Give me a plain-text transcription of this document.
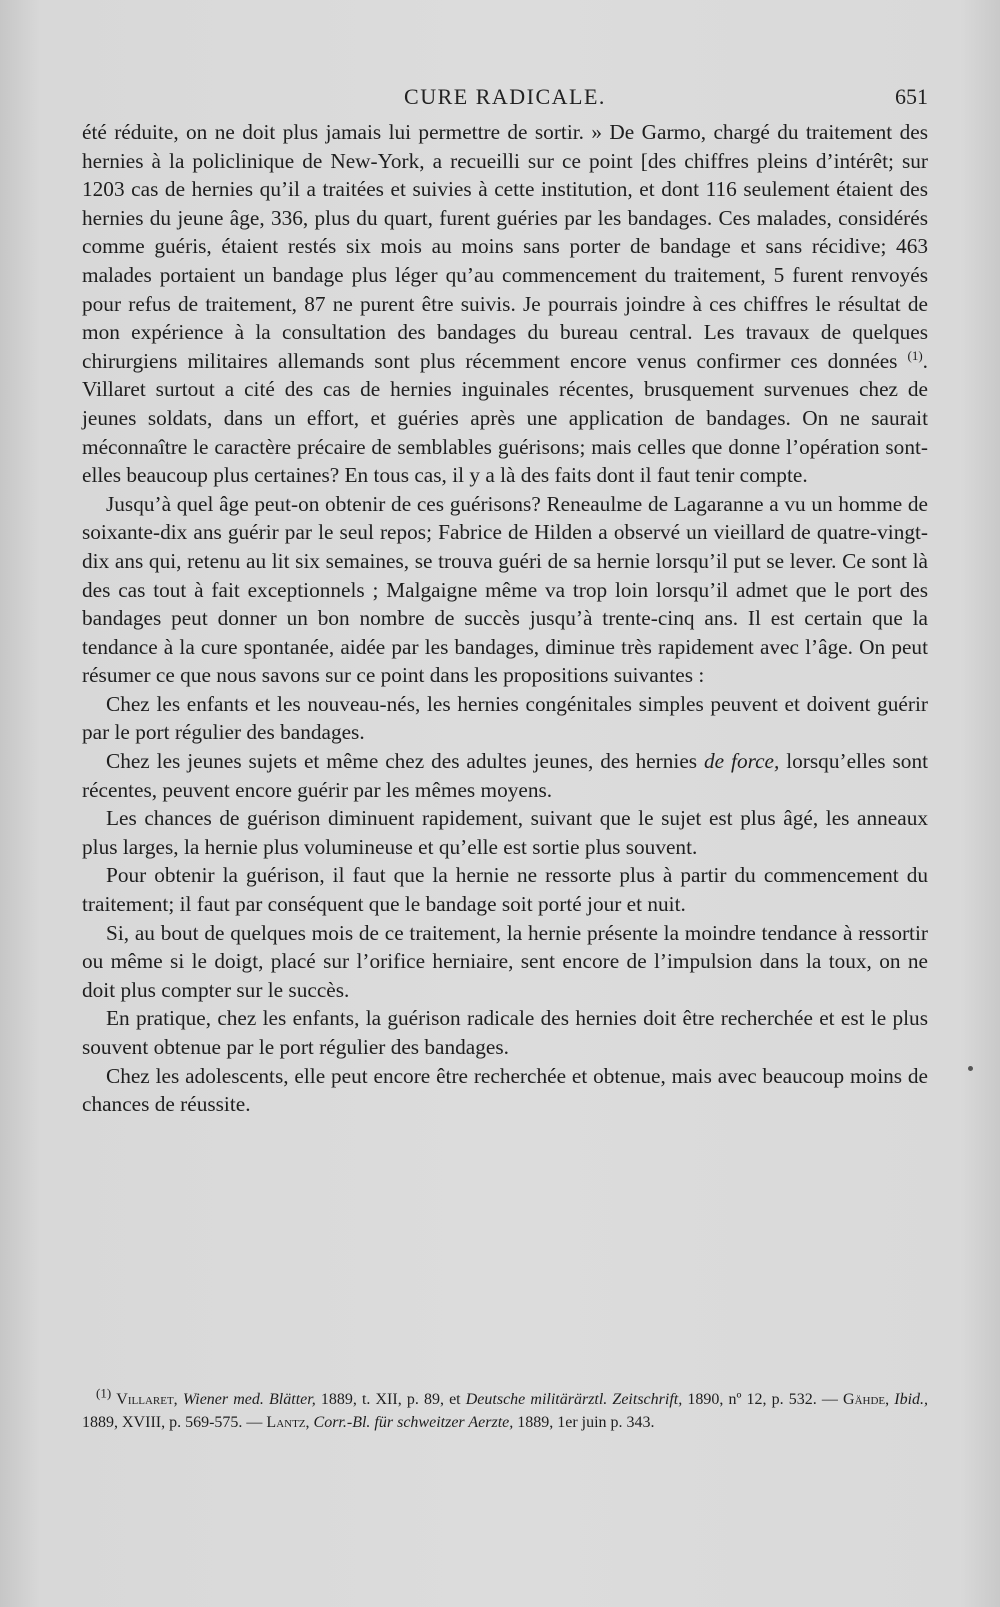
CURE RADICALE.	651

été réduite, on ne doit plus jamais lui permettre de sortir. » De Garmo, chargé du traitement des hernies à la policlinique de New-York, a recueilli sur ce point [des chiffres pleins d’intérêt; sur 1203 cas de hernies qu’il a traitées et suivies à cette institution, et dont 116 seulement étaient des hernies du jeune âge, 336, plus du quart, furent guéries par les bandages. Ces malades, considérés comme guéris, étaient restés six mois au moins sans porter de bandage et sans récidive; 463 malades portaient un bandage plus léger qu’au commencement du traitement, 5 furent renvoyés pour refus de traitement, 87 ne purent être suivis. Je pourrais joindre à ces chiffres le résultat de mon expérience à la consultation des bandages du bureau central. Les travaux de quelques chirurgiens militaires allemands sont plus récemment encore venus confirmer ces données $^{(1)}$. Villaret surtout a cité des cas de hernies inguinales récentes, brusquement survenues chez de jeunes soldats, dans un effort, et guéries après une application de bandages. On ne saurait méconnaître le caractère précaire de semblables guérisons; mais celles que donne l’opération sont-elles beaucoup plus certaines? En tous cas, il y a là des faits dont il faut tenir compte.

Jusqu’à quel âge peut-on obtenir de ces guérisons? Reneaulme de Lagaranne a vu un homme de soixante-dix ans guérir par le seul repos; Fabrice de Hilden a observé un vieillard de quatre-vingt-dix ans qui, retenu au lit six semaines, se trouva guéri de sa hernie lorsqu’il put se lever. Ce sont là des cas tout à fait exceptionnels ; Malgaigne même va trop loin lorsqu’il admet que le port des bandages peut donner un bon nombre de succès jusqu’à trente-cinq ans. Il est certain que la tendance à la cure spontanée, aidée par les bandages, diminue très rapidement avec l’âge. On peut résumer ce que nous savons sur ce point dans les propositions suivantes :

Chez les enfants et les nouveau-nés, les hernies congénitales simples peuvent et doivent guérir par le port régulier des bandages.

Chez les jeunes sujets et même chez des adultes jeunes, des hernies de force, lorsqu’elles sont récentes, peuvent encore guérir par les mêmes moyens.

Les chances de guérison diminuent rapidement, suivant que le sujet est plus âgé, les anneaux plus larges, la hernie plus volumineuse et qu’elle est sortie plus souvent.

Pour obtenir la guérison, il faut que la hernie ne ressorte plus à partir du commencement du traitement; il faut par conséquent que le bandage soit porté jour et nuit.

Si, au bout de quelques mois de ce traitement, la hernie présente la moindre tendance à ressortir ou même si le doigt, placé sur l’orifice herniaire, sent encore de l’impulsion dans la toux, on ne doit plus compter sur le succès.

En pratique, chez les enfants, la guérison radicale des hernies doit être recherchée et est le plus souvent obtenue par le port régulier des bandages.

Chez les adolescents, elle peut encore être recherchée et obtenue, mais avec beaucoup moins de chances de réussite.

$^{(1)}$ Villaret, Wiener med. Blätter, 1889, t. XII, p. 89, et Deutsche militärärztl. Zeitschrift, 1890, nº 12, p. 532. — Gähde, Ibid., 1889, XVIII, p. 569-575. — Lantz, Corr.-Bl. für schweitzer Aerzte, 1889, 1er juin p. 343.
